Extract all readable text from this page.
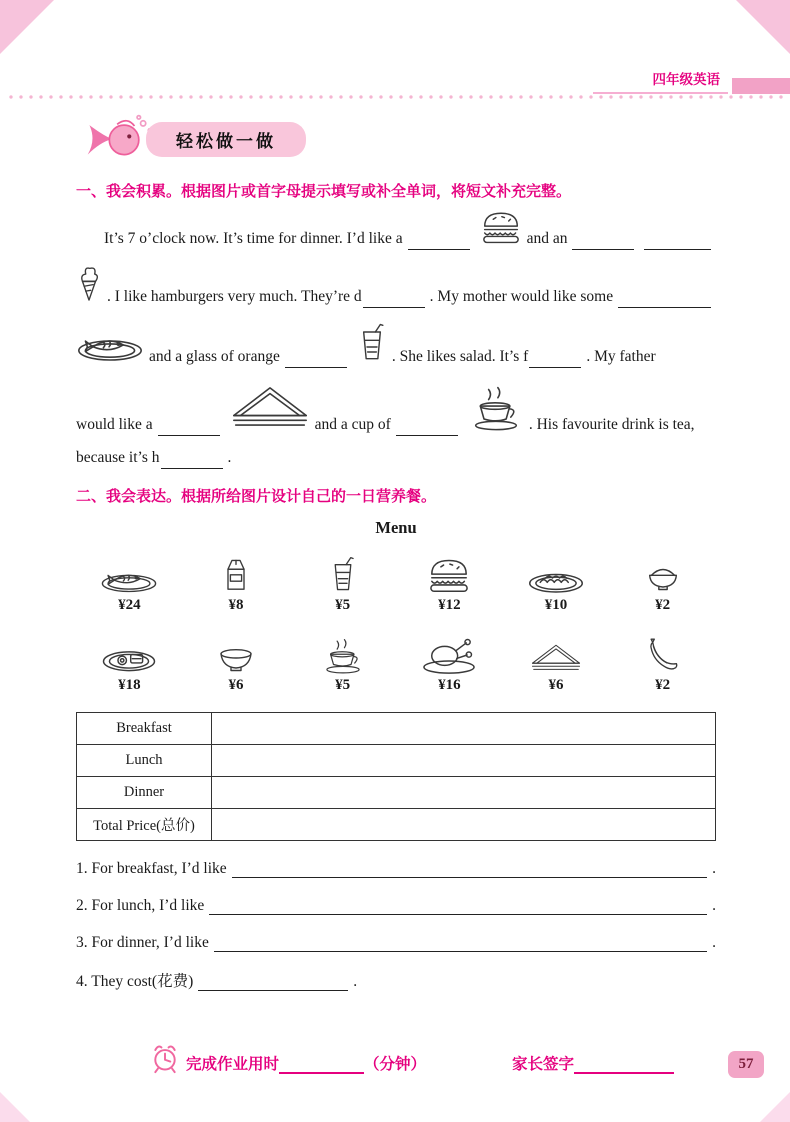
四年级英语
轻松做一做
一、我会积累。根据图片或首字母提示填写或补全单词，将短文补充完整。
It’s 7 o’clock now. It’s time for dinner. I’d like a	and an
. I like hamburgers very much. They’re d	. My mother would like some
and a glass of orange	. She likes salad. It’s f	. My father
would like a	and a cup of	. His favourite drink is tea,
because it’s h	.
二、我会表达。根据所给图片设计自己的一日营养餐。
Menu
¥24	¥8	¥5	¥12	¥10	¥2
¥18	¥6	¥5	¥16	¥6	¥2
Breakfast	
Lunch	
Dinner	
Total Price(总价)	
1. For breakfast, I’d like	.
2. For lunch, I’d like	.
3. For dinner, I’d like	.
4. They cost(花费)	.
完成作业用时	（分钟）	家长签字	57
